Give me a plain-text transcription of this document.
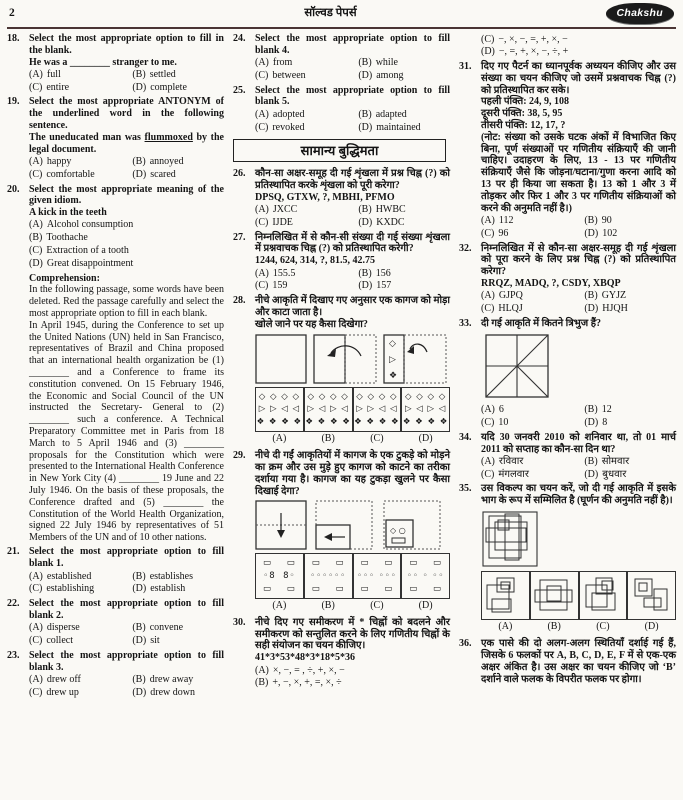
2	सॉल्वड पेपर्स	Chakshu
18. Select the most appropriate option to fill in the blank.

He was a ________ stranger to me.

(A) full	(B) settled
(C) entire	(D) complete
19. Select the most appropriate ANTONYM of the underlined word in the following sentence.

The uneducated man was flummoxed by the legal document.

(A) happy	(B) annoyed
(C) comfortable	(D) scared
20. Select the most appropriate meaning of the given idiom.

A kick in the teeth

(A) Alcohol consumption
(B) Toothache
(C) Extraction of a tooth
(D) Great disappointment

Comprehension:

In the following passage, some words have been deleted. Red the passage carefully and select the most appropriate option to fill in each blank.

In April 1945, during the Conference to set up the United Nations (UN) held in San Francisco, representatives of Brazil and China proposed that an international health organization be (1) ________ and a Conference to frame its constitution convened. On 15 February 1946, the Economic and Social Council of the UN instructed the Secretary- General to (2) ________ such a conference. A Technical Preparatory Committee met in Paris from 18 March to 5 April 1946 and (3) ________ proposals for the Constitution which were presented to the International Health Conference in New York City (4) ________ 19 June and 22 July 1946. On the basis of these proposals, the Conference drafted and (5) ________ the Constitution of the World Health Organization, signed 22 July 1946 by representatives of 51 Members of the UN and of 10 other nations.

21. Select the most appropriate option to fill blank 1.

(A) established	(B) establishes
(C) establishing	(D) establish
22. Select the most appropriate option to fill blank 2.

(A) disperse	(B) convene
(C) collect	(D) sit
23. Select the most appropriate option to fill blank 3.

(A) drew off	(B) drew away
(C) drew up	(D) drew down
24. Select the most appropriate option to fill blank 4.

(A) from	(B) while
(C) between	(D) among
25. Select the most appropriate option to fill blank 5.

(A) adopted	(B) adapted
(C) revoked	(D) maintained
सामान्य बुद्धिमता
26. कौन-सा अक्षर-समूह दी गई शृंखला में प्रश्न चिह्न (?) को प्रतिस्थापित करके शृंखला को पूरी करेगा?

DPSQ, GTXW, ?, MBHI, PFMO

(A) JXCC	(B) HWBC
(C) IJDE	(D) KXDC
27. निम्नलिखित में से कौन-सी संख्या दी गई संख्या शृंखला में प्रश्नवाचक चिह्न (?) को प्रतिस्थापित करेगी?

1244, 624, 314, ?, 81.5, 42.75

(A) 155.5	(B) 156
(C) 159	(D) 157
28. नीचे आकृति में दिखाए गए अनुसार एक कागज को मोड़ा और काटा जाता है।

खोले जाने पर यह कैसा दिखेगा?

◇
▷
❖
◇ ◇ ◇ ◇
▷ ▷ ◁ ◁
❖ ❖ ❖ ❖
◇ ◇ ◇ ◇
▷ ◁ ▷ ◁
❖ ❖ ❖ ❖
◇ ◇ ◇ ◇
▷ ▷ ◁ ◁
❖ ❖ ❖ ❖
◇ ◇ ◇ ◇
▷ ◁ ▷ ◁
❖ ❖ ❖ ❖
(A)	(B)	(C)	(D)
29. नीचे दी गईं आकृतियों में कागज के एक टुकड़े को मोड़ने का क्रम और उस मुड़े हुए कागज को काटने का तरीका दर्शाया गया है। कागज का यह टुकड़ा खुलने पर कैसा दिखाई देगा?

◇ ○
▭    ▭
◦8  8◦
▭    ▭
▭    ▭
◦◦◦◦◦◦
▭    ▭
▭    ▭
◦◦◦ ◦◦◦
▭    ▭
▭    ▭
◦◦ ◦ ◦◦
▭    ▭
(A)	(B)	(C)	(D)
30. नीचे दिए गए समीकरण में * चिह्नों को बदलने और समीकरण को सन्तुलित करने के लिए गणितीय चिह्नों के सही संयोजन का चयन कीजिए।

41*3*53*48*3*18*5*36

(A) ×, −, = , ÷, +, ×, −
(B) +, −, ×, +, =, ×, ÷
(C) −, ×, −, =, +, ×, −
(D) −, =, +, ×, −, ÷, +
31. दिए गए पैटर्न का ध्यानपूर्वक अध्ययन कीजिए और उस संख्या का चयन कीजिए जो उसमें प्रश्नवाचक चिह्न (?) को प्रतिस्थापित कर सके।

पहली पंक्ति: 24, 9, 108

दूसरी पंक्ति: 38, 5, 95

तीसरी पंक्ति: 12, 17, ?

(नोट: संख्या को उसके घटक अंकों में विभाजित किए बिना, पूर्ण संख्याओं पर गणितीय संक्रियाएँ की जानी चाहिए। उदाहरण के लिए, 13 - 13 पर गणितीय संक्रियाएँ जैसे कि जोड़ना/घटाना/गुणा करना आदि को 13 पर ही किया जा सकता है। 13 को 1 और 3 में तोड़कर और फिर 1 और 3 पर गणितीय संक्रियाओं को करने की अनुमति नहीं है।)

(A) 112	(B) 90
(C) 96	(D) 102
32. निम्नलिखित में से कौन-सा अक्षर-समूह दी गई शृंखला को पूरा करने के लिए प्रश्न चिह्न (?) को प्रतिस्थापित करेगा?

RRQZ, MADQ, ?, CSDY, XBQP

(A) GJPQ	(B) GYJZ
(C) HLQJ	(D) HJQH
33. दी गई आकृति में कितने त्रिभुज हैं?

(A) 6	(B) 12
(C) 10	(D) 8
34. यदि 30 जनवरी 2010 को शनिवार था, तो 01 मार्च 2011 को सप्ताह का कौन-सा दिन था?

(A) रविवार	(B) सोमवार
(C) मंगलवार	(D) बुधवार
35. उस विकल्प का चयन करें, जो दी गई आकृति में इसके भाग के रूप में सम्मिलित है (घूर्णन की अनुमति नहीं है)।

(A)	(B)	(C)	(D)
36. एक पासे की दो अलग-अलग स्थितियाँ दर्शाई गई हैं, जिसके 6 फलकों पर A, B, C, D, E, F में से एक-एक अक्षर अंकित है। उस अक्षर का चयन कीजिए जो ‘B’ दर्शाने वाले फलक के विपरीत फलक पर होगा।
